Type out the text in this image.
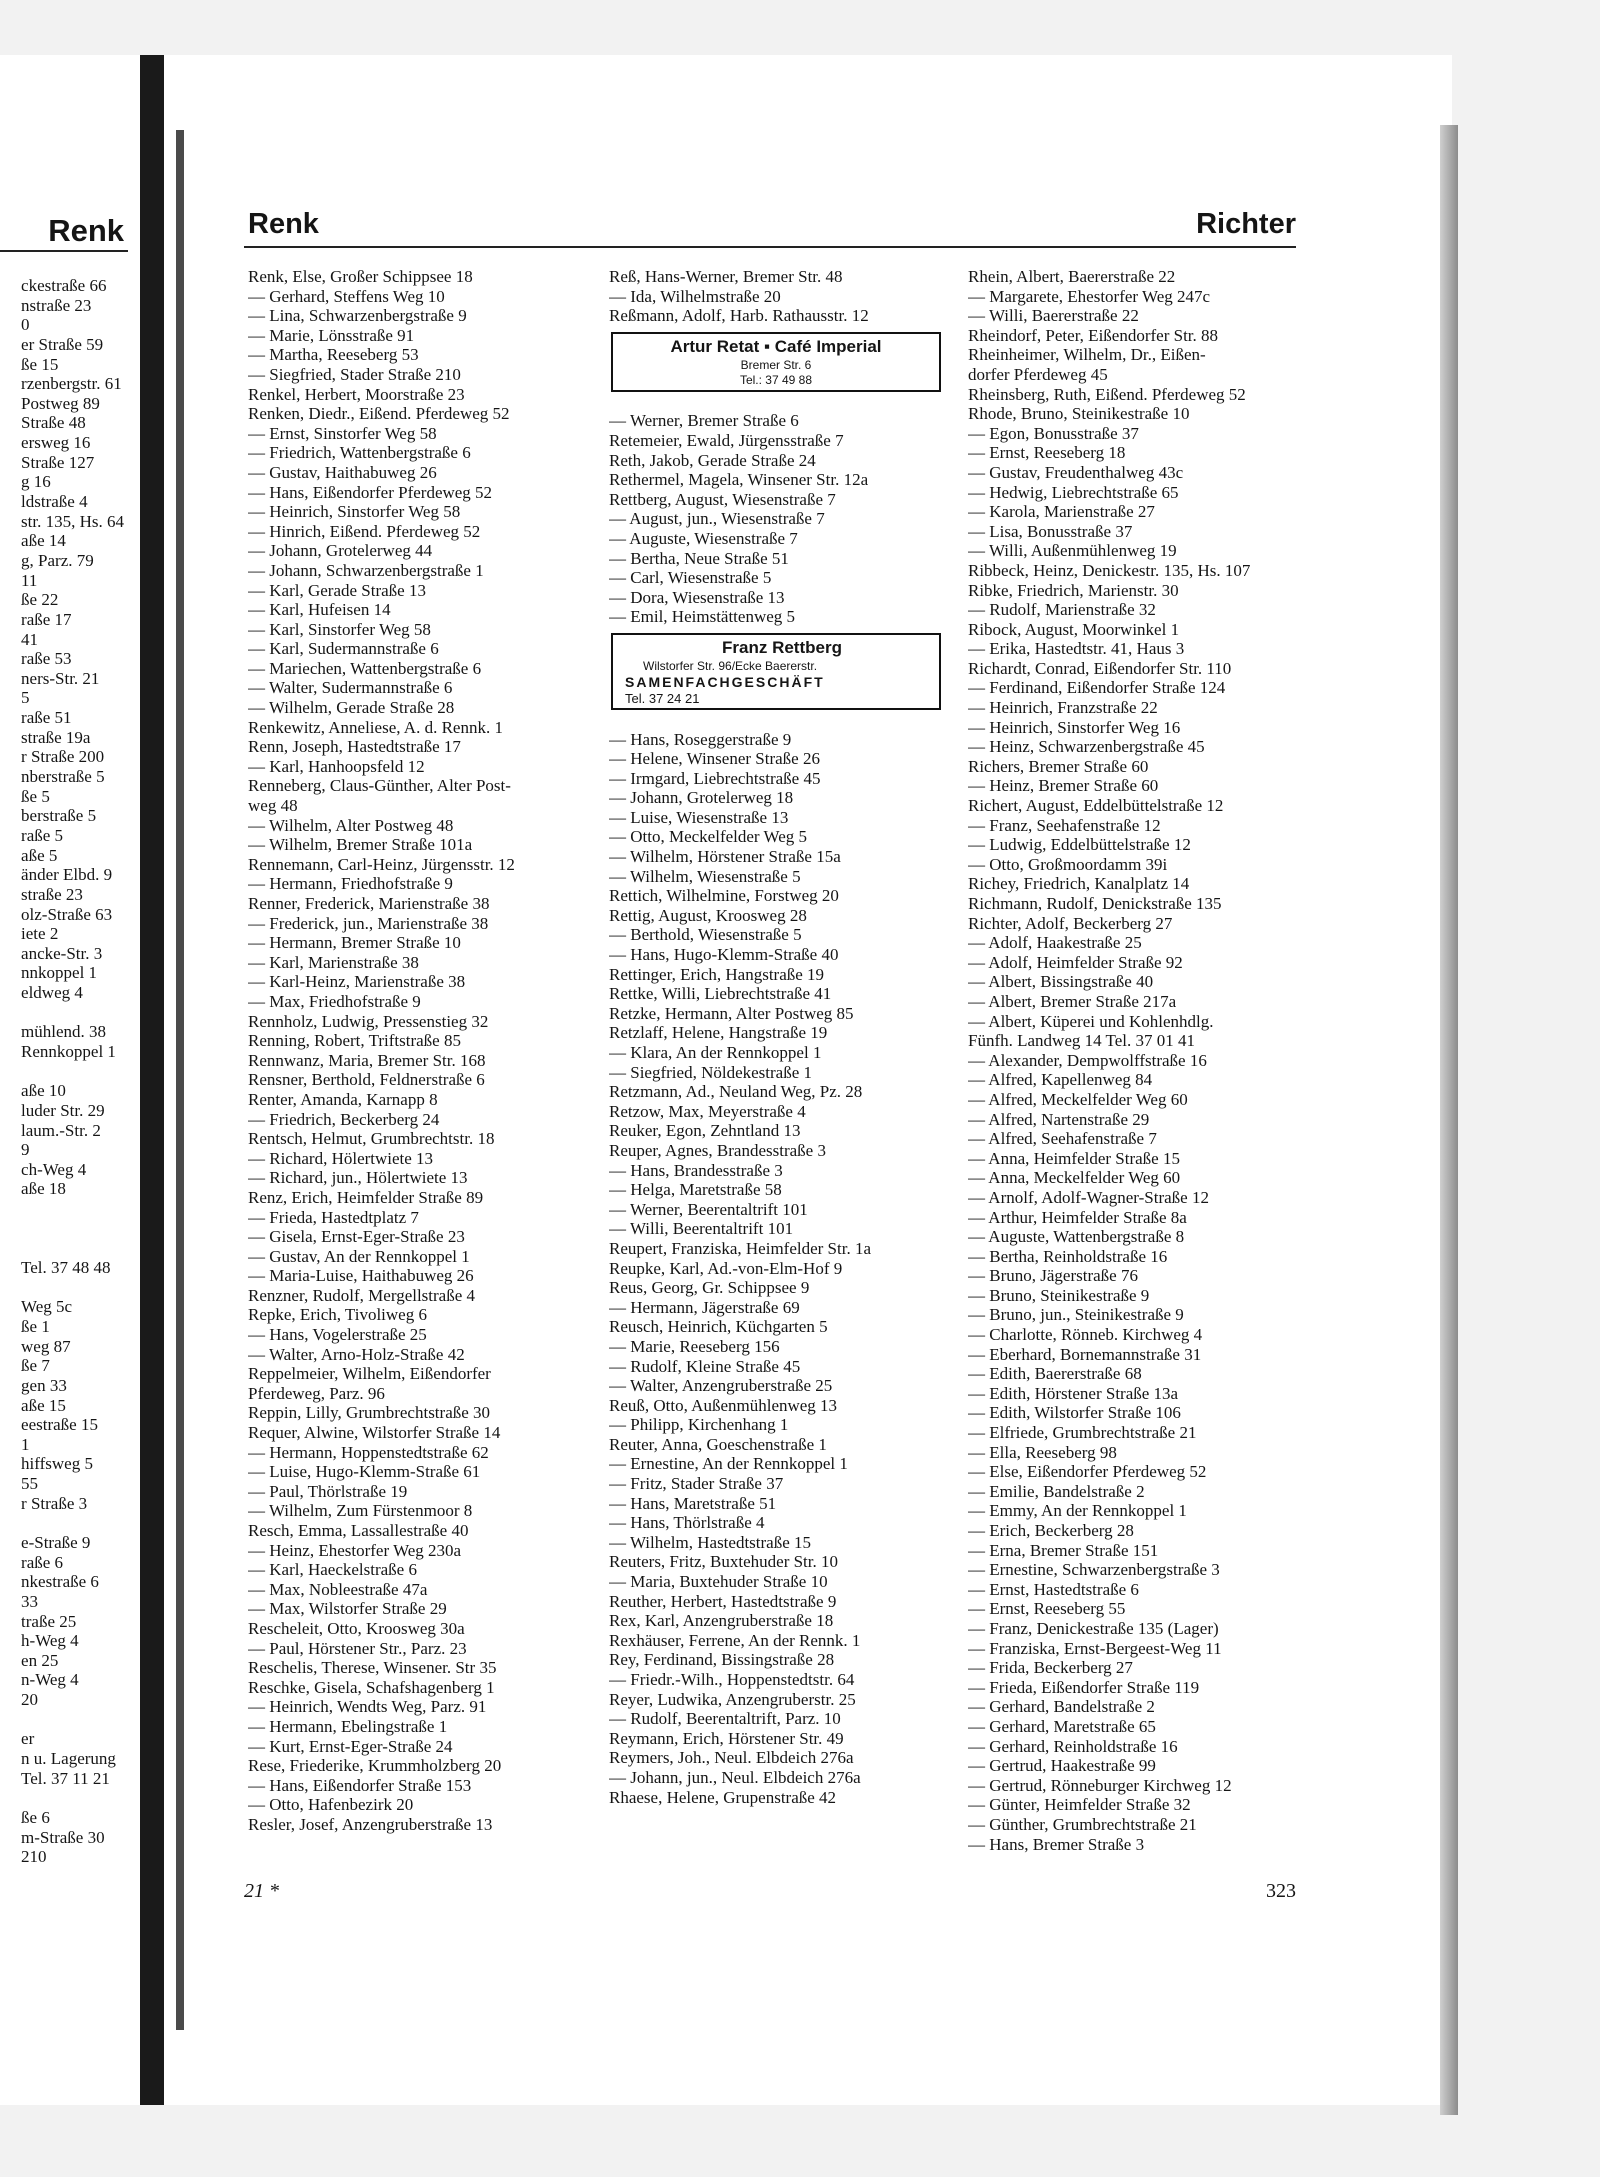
Renk
ckestraße 66
nstraße 23
0
er Straße 59
ße 15
rzenbergstr. 61
Postweg 89
Straße 48
ersweg 16
Straße 127
g 16
ldstraße 4
str. 135, Hs. 64
aße 14
g, Parz. 79
11
ße 22
raße 17
41
raße 53
ners-Str. 21
5
raße 51
straße 19a
r Straße 200
nberstraße 5
ße 5
berstraße 5
raße 5
aße 5
änder Elbd. 9
straße 23
olz-Straße 63
iete 2
ancke-Str. 3
nnkoppel 1
eldweg 4
mühlend. 38
Rennkoppel 1
aße 10
luder Str. 29
laum.-Str. 2
9
ch-Weg 4
aße 18
Tel. 37 48 48
Weg 5c
ße 1
weg 87
ße 7
gen 33
aße 15
eestraße 15
1
hiffsweg 5
55
r Straße 3
e-Straße 9
raße 6
nkestraße 6
33
traße 25
h-Weg 4
en 25
n-Weg 4
20
er
n u. Lagerung
Tel. 37 11 21
ße 6
m-Straße 30
210
Renk	Richter
Renk, Else, Großer Schippsee 18
— Gerhard, Steffens Weg 10
— Lina, Schwarzenbergstraße 9
— Marie, Lönsstraße 91
— Martha, Reeseberg 53
— Siegfried, Stader Straße 210
Renkel, Herbert, Moorstraße 23
Renken, Diedr., Eißend. Pferdeweg 52
— Ernst, Sinstorfer Weg 58
— Friedrich, Wattenbergstraße 6
— Gustav, Haithabuweg 26
— Hans, Eißendorfer Pferdeweg 52
— Heinrich, Sinstorfer Weg 58
— Hinrich, Eißend. Pferdeweg 52
— Johann, Grotelerweg 44
— Johann, Schwarzenbergstraße 1
— Karl, Gerade Straße 13
— Karl, Hufeisen 14
— Karl, Sinstorfer Weg 58
— Karl, Sudermannstraße 6
— Mariechen, Wattenbergstraße 6
— Walter, Sudermannstraße 6
— Wilhelm, Gerade Straße 28
Renkewitz, Anneliese, A. d. Rennk. 1
Renn, Joseph, Hastedtstraße 17
— Karl, Hanhoopsfeld 12
Renneberg, Claus-Günther, Alter Post-
weg 48
— Wilhelm, Alter Postweg 48
— Wilhelm, Bremer Straße 101a
Rennemann, Carl-Heinz, Jürgensstr. 12
— Hermann, Friedhofstraße 9
Renner, Frederick, Marienstraße 38
— Frederick, jun., Marienstraße 38
— Hermann, Bremer Straße 10
— Karl, Marienstraße 38
— Karl-Heinz, Marienstraße 38
— Max, Friedhofstraße 9
Rennholz, Ludwig, Pressenstieg 32
Renning, Robert, Triftstraße 85
Rennwanz, Maria, Bremer Str. 168
Rensner, Berthold, Feldnerstraße 6
Renter, Amanda, Karnapp 8
— Friedrich, Beckerberg 24
Rentsch, Helmut, Grumbrechtstr. 18
— Richard, Hölertwiete 13
— Richard, jun., Hölertwiete 13
Renz, Erich, Heimfelder Straße 89
— Frieda, Hastedtplatz 7
— Gisela, Ernst-Eger-Straße 23
— Gustav, An der Rennkoppel 1
— Maria-Luise, Haithabuweg 26
Renzner, Rudolf, Mergellstraße 4
Repke, Erich, Tivoliweg 6
— Hans, Vogelerstraße 25
— Walter, Arno-Holz-Straße 42
Reppelmeier, Wilhelm, Eißendorfer
Pferdeweg, Parz. 96
Reppin, Lilly, Grumbrechtstraße 30
Requer, Alwine, Wilstorfer Straße 14
— Hermann, Hoppenstedtstraße 62
— Luise, Hugo-Klemm-Straße 61
— Paul, Thörlstraße 19
— Wilhelm, Zum Fürstenmoor 8
Resch, Emma, Lassallestraße 40
— Heinz, Ehestorfer Weg 230a
— Karl, Haeckelstraße 6
— Max, Nobleestraße 47a
— Max, Wilstorfer Straße 29
Rescheleit, Otto, Kroosweg 30a
— Paul, Hörstener Str., Parz. 23
Reschelis, Therese, Winsener. Str 35
Reschke, Gisela, Schafshagenberg 1
— Heinrich, Wendts Weg, Parz. 91
— Hermann, Ebelingstraße 1
— Kurt, Ernst-Eger-Straße 24
Rese, Friederike, Krummholzberg 20
— Hans, Eißendorfer Straße 153
— Otto, Hafenbezirk 20
Resler, Josef, Anzengruberstraße 13
Reß, Hans-Werner, Bremer Str. 48
— Ida, Wilhelmstraße 20
Reßmann, Adolf, Harb. Rathausstr. 12
Artur Retat ▪ Café Imperial
Bremer Str. 6
Tel.: 37 49 88
— Werner, Bremer Straße 6
Retemeier, Ewald, Jürgensstraße 7
Reth, Jakob, Gerade Straße 24
Rethermel, Magela, Winsener Str. 12a
Rettberg, August, Wiesenstraße 7
— August, jun., Wiesenstraße 7
— Auguste, Wiesenstraße 7
— Bertha, Neue Straße 51
— Carl, Wiesenstraße 5
— Dora, Wiesenstraße 13
— Emil, Heimstättenweg 5
Franz Rettberg
Wilstorfer Str. 96/Ecke Baererstr.
SAMENFACHGESCHÄFT
Tel. 37 24 21
— Hans, Roseggerstraße 9
— Helene, Winsener Straße 26
— Irmgard, Liebrechtstraße 45
— Johann, Grotelerweg 18
— Luise, Wiesenstraße 13
— Otto, Meckelfelder Weg 5
— Wilhelm, Hörstener Straße 15a
— Wilhelm, Wiesenstraße 5
Rettich, Wilhelmine, Forstweg 20
Rettig, August, Kroosweg 28
— Berthold, Wiesenstraße 5
— Hans, Hugo-Klemm-Straße 40
Rettinger, Erich, Hangstraße 19
Rettke, Willi, Liebrechtstraße 41
Retzke, Hermann, Alter Postweg 85
Retzlaff, Helene, Hangstraße 19
— Klara, An der Rennkoppel 1
— Siegfried, Nöldekestraße 1
Retzmann, Ad., Neuland Weg, Pz. 28
Retzow, Max, Meyerstraße 4
Reuker, Egon, Zehntland 13
Reuper, Agnes, Brandesstraße 3
— Hans, Brandesstraße 3
— Helga, Maretstraße 58
— Werner, Beerentaltrift 101
— Willi, Beerentaltrift 101
Reupert, Franziska, Heimfelder Str. 1a
Reupke, Karl, Ad.-von-Elm-Hof 9
Reus, Georg, Gr. Schippsee 9
— Hermann, Jägerstraße 69
Reusch, Heinrich, Küchgarten 5
— Marie, Reeseberg 156
— Rudolf, Kleine Straße 45
— Walter, Anzengruberstraße 25
Reuß, Otto, Außenmühlenweg 13
— Philipp, Kirchenhang 1
Reuter, Anna, Goeschenstraße 1
— Ernestine, An der Rennkoppel 1
— Fritz, Stader Straße 37
— Hans, Maretstraße 51
— Hans, Thörlstraße 4
— Wilhelm, Hastedtstraße 15
Reuters, Fritz, Buxtehuder Str. 10
— Maria, Buxtehuder Straße 10
Reuther, Herbert, Hastedtstraße 9
Rex, Karl, Anzengruberstraße 18
Rexhäuser, Ferrene, An der Rennk. 1
Rey, Ferdinand, Bissingstraße 28
— Friedr.-Wilh., Hoppenstedtstr. 64
Reyer, Ludwika, Anzengruberstr. 25
— Rudolf, Beerentaltrift, Parz. 10
Reymann, Erich, Hörstener Str. 49
Reymers, Joh., Neul. Elbdeich 276a
— Johann, jun., Neul. Elbdeich 276a
Rhaese, Helene, Grupenstraße 42
Rhein, Albert, Baererstraße 22
— Margarete, Ehestorfer Weg 247c
— Willi, Baererstraße 22
Rheindorf, Peter, Eißendorfer Str. 88
Rheinheimer, Wilhelm, Dr., Eißen-
dorfer Pferdeweg 45
Rheinsberg, Ruth, Eißend. Pferdeweg 52
Rhode, Bruno, Steinikestraße 10
— Egon, Bonusstraße 37
— Ernst, Reeseberg 18
— Gustav, Freudenthalweg 43c
— Hedwig, Liebrechtstraße 65
— Karola, Marienstraße 27
— Lisa, Bonusstraße 37
— Willi, Außenmühlenweg 19
Ribbeck, Heinz, Denickestr. 135, Hs. 107
Ribke, Friedrich, Marienstr. 30
— Rudolf, Marienstraße 32
Ribock, August, Moorwinkel 1
— Erika, Hastedtstr. 41, Haus 3
Richardt, Conrad, Eißendorfer Str. 110
— Ferdinand, Eißendorfer Straße 124
— Heinrich, Franzstraße 22
— Heinrich, Sinstorfer Weg 16
— Heinz, Schwarzenbergstraße 45
Richers, Bremer Straße 60
— Heinz, Bremer Straße 60
Richert, August, Eddelbüttelstraße 12
— Franz, Seehafenstraße 12
— Ludwig, Eddelbüttelstraße 12
— Otto, Großmoordamm 39i
Richey, Friedrich, Kanalplatz 14
Richmann, Rudolf, Denickstraße 135
Richter, Adolf, Beckerberg 27
— Adolf, Haakestraße 25
— Adolf, Heimfelder Straße 92
— Albert, Bissingstraße 40
— Albert, Bremer Straße 217a
— Albert, Küperei und Kohlenhdlg.
Fünfh. Landweg 14 Tel. 37 01 41
— Alexander, Dempwolffstraße 16
— Alfred, Kapellenweg 84
— Alfred, Meckelfelder Weg 60
— Alfred, Nartenstraße 29
— Alfred, Seehafenstraße 7
— Anna, Heimfelder Straße 15
— Anna, Meckelfelder Weg 60
— Arnolf, Adolf-Wagner-Straße 12
— Arthur, Heimfelder Straße 8a
— Auguste, Wattenbergstraße 8
— Bertha, Reinholdstraße 16
— Bruno, Jägerstraße 76
— Bruno, Steinikestraße 9
— Bruno, jun., Steinikestraße 9
— Charlotte, Rönneb. Kirchweg 4
— Eberhard, Bornemannstraße 31
— Edith, Baererstraße 68
— Edith, Hörstener Straße 13a
— Edith, Wilstorfer Straße 106
— Elfriede, Grumbrechtstraße 21
— Ella, Reeseberg 98
— Else, Eißendorfer Pferdeweg 52
— Emilie, Bandelstraße 2
— Emmy, An der Rennkoppel 1
— Erich, Beckerberg 28
— Erna, Bremer Straße 151
— Ernestine, Schwarzenbergstraße 3
— Ernst, Hastedtstraße 6
— Ernst, Reeseberg 55
— Franz, Denickestraße 135 (Lager)
— Franziska, Ernst-Bergeest-Weg 11
— Frida, Beckerberg 27
— Frieda, Eißendorfer Straße 119
— Gerhard, Bandelstraße 2
— Gerhard, Maretstraße 65
— Gerhard, Reinholdstraße 16
— Gertrud, Haakestraße 99
— Gertrud, Rönneburger Kirchweg 12
— Günter, Heimfelder Straße 32
— Günther, Grumbrechtstraße 21
— Hans, Bremer Straße 3
21 *	323
